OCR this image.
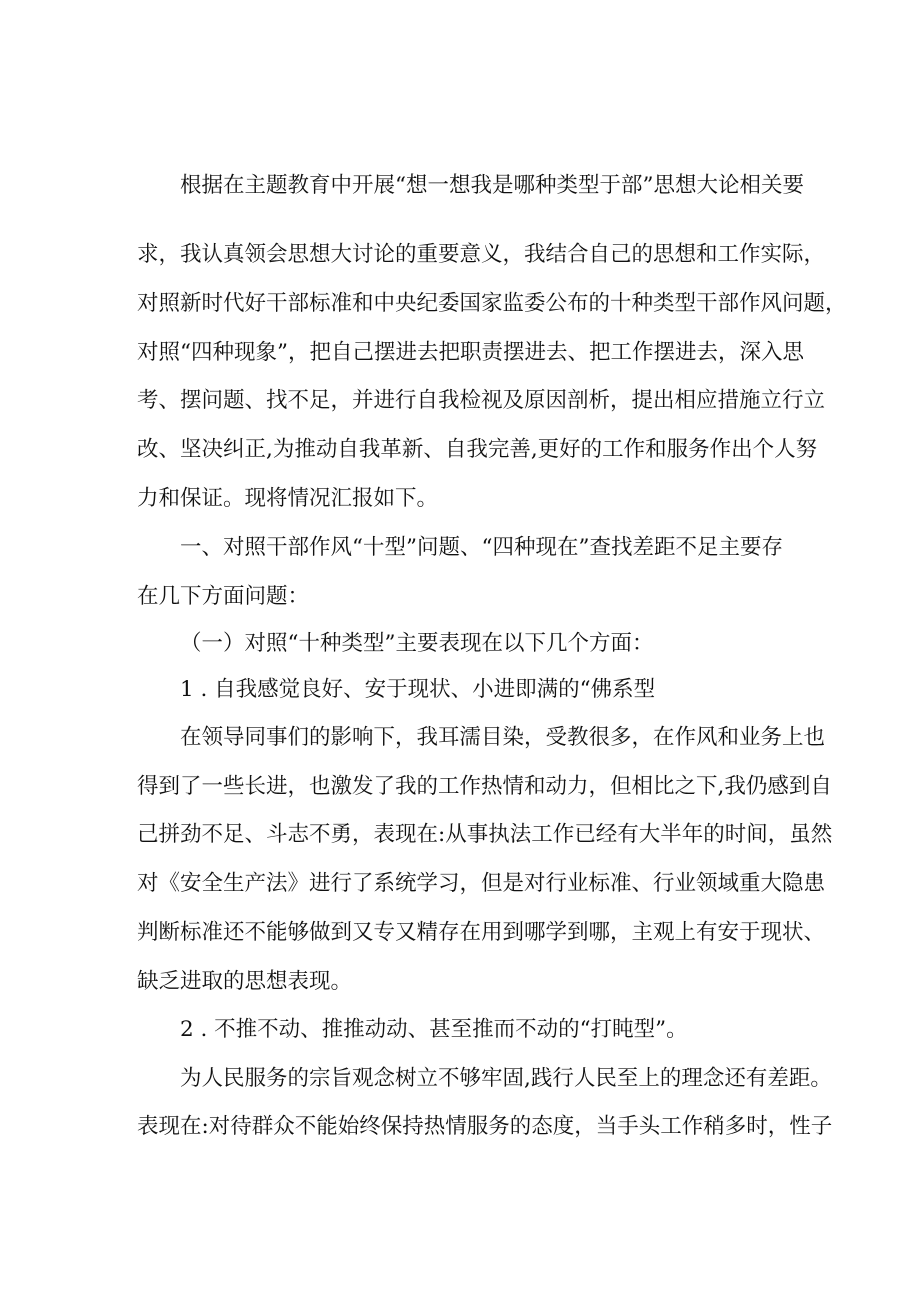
根据在主题教育中开展“想一想我是哪种类型于部”思想大论相关要
求，我认真领会思想大讨论的重要意义，我结合自己的思想和工作实际，
对照新时代好干部标准和中央纪委国家监委公布的十种类型干部作风问题，
对照“四种现象”，把自己摆进去把职责摆进去、把工作摆进去，深入思
考、摆问题、找不足，并进行自我检视及原因剖析，提出相应措施立行立
改、坚决纠正,为推动自我革新、自我完善,更好的工作和服务作出个人努
力和保证。现将情况汇报如下。
一、对照干部作风“十型”问题、“四种现在”查找差距不足主要存
在几下方面问题：
（一）对照“十种类型”主要表现在以下几个方面：
1 . 自我感觉良好、安于现状、小进即满的“佛系型
在领导同事们的影响下，我耳濡目染，受教很多，在作风和业务上也
得到了一些长进，也激发了我的工作热情和动力，但相比之下,我仍感到自
己拼劲不足、斗志不勇，表现在:从事执法工作已经有大半年的时间，虽然
对《安全生产法》进行了系统学习，但是对行业标准、行业领域重大隐患
判断标准还不能够做到又专又精存在用到哪学到哪，主观上有安于现状、
缺乏进取的思想表现。
2 . 不推不动、推推动动、甚至推而不动的“打盹型”。
为人民服务的宗旨观念树立不够牢固,践行人民至上的理念还有差距。
表现在:对待群众不能始终保持热情服务的态度，当手头工作稍多时，性子
